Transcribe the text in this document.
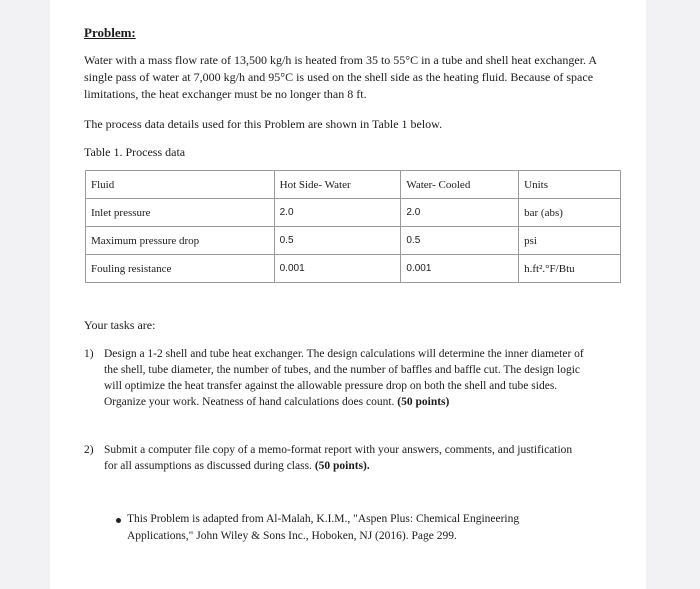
Problem:
Water with a mass flow rate of 13,500 kg/h is heated from 35 to 55°C in a tube and shell heat exchanger. A single pass of water at 7,000 kg/h and 95°C is used on the shell side as the heating fluid. Because of space limitations, the heat exchanger must be no longer than 8 ft.
The process data details used for this Problem are shown in Table 1 below.
Table 1. Process data
Fluid	Hot Side- Water	Water- Cooled	Units
Inlet pressure	2.0	2.0	bar (abs)
Maximum pressure drop	0.5	0.5	psi
Fouling resistance	0.001	0.001	h.ft².°F/Btu
Your tasks are:
1) Design a 1-2 shell and tube heat exchanger. The design calculations will determine the inner diameter of the shell, tube diameter, the number of tubes, and the number of baffles and baffle cut. The design logic will optimize the heat transfer against the allowable pressure drop on both the shell and tube sides. Organize your work. Neatness of hand calculations does count. (50 points)
2) Submit a computer file copy of a memo-format report with your answers, comments, and justification for all assumptions as discussed during class. (50 points).
This Problem is adapted from Al-Malah, K.I.M., "Aspen Plus: Chemical Engineering Applications," John Wiley & Sons Inc., Hoboken, NJ (2016). Page 299.
